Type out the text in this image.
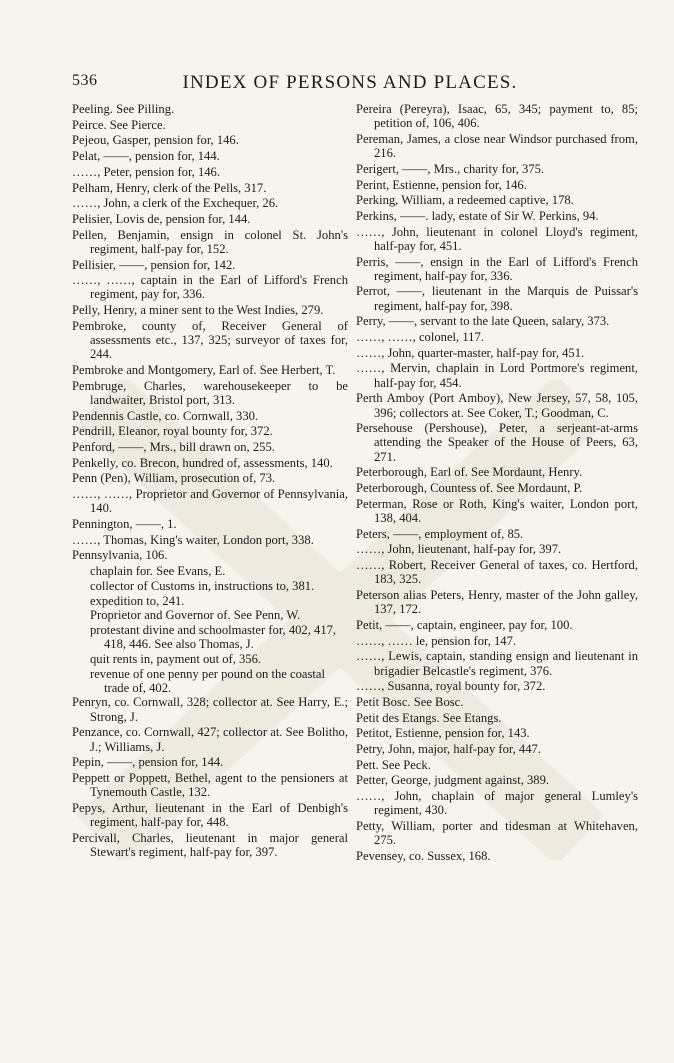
536	INDEX OF PERSONS AND PLACES.

Peeling. See Pilling.

Peirce. See Pierce.

Pejeou, Gasper, pension for, 146.

Pelat, ——, pension for, 144.

……, Peter, pension for, 146.

Pelham, Henry, clerk of the Pells, 317.

……, John, a clerk of the Exchequer, 26.

Pelisier, Lovis de, pension for, 144.

Pellen, Benjamin, ensign in colonel St. John's regiment, half-pay for, 152.

Pellisier, ——, pension for, 142.

……, ……, captain in the Earl of Lifford's French regiment, pay for, 336.

Pelly, Henry, a miner sent to the West Indies, 279.

Pembroke, county of, Receiver General of assessments etc., 137, 325; surveyor of taxes for, 244.

Pembroke and Montgomery, Earl of. See Herbert, T.

Pembruge, Charles, warehousekeeper to be landwaiter, Bristol port, 313.

Pendennis Castle, co. Cornwall, 330.

Pendrill, Eleanor, royal bounty for, 372.

Penford, ——, Mrs., bill drawn on, 255.

Penkelly, co. Brecon, hundred of, assessments, 140.

Penn (Pen), William, prosecution of, 73.

……, ……, Proprietor and Governor of Pennsylvania, 140.

Pennington, ——, 1.

……, Thomas, King's waiter, London port, 338.

Pennsylvania, 106.

chaplain for. See Evans, E.

collector of Customs in, instructions to, 381.

expedition to, 241.

Proprietor and Governor of. See Penn, W.

protestant divine and schoolmaster for, 402, 417, 418, 446. See also Thomas, J.

quit rents in, payment out of, 356.

revenue of one penny per pound on the coastal trade of, 402.

Penryn, co. Cornwall, 328; collector at. See Harry, E.; Strong, J.

Penzance, co. Cornwall, 427; collector at. See Bolitho, J.; Williams, J.

Pepin, ——, pension for, 144.

Peppett or Poppett, Bethel, agent to the pensioners at Tynemouth Castle, 132.

Pepys, Arthur, lieutenant in the Earl of Denbigh's regiment, half-pay for, 448.

Percivall, Charles, lieutenant in major general Stewart's regiment, half-pay for, 397.

Pereira (Pereyra), Isaac, 65, 345; payment to, 85; petition of, 106, 406.

Pereman, James, a close near Windsor purchased from, 216.

Perigert, ——, Mrs., charity for, 375.

Perint, Estienne, pension for, 146.

Perking, William, a redeemed captive, 178.

Perkins, ——. lady, estate of Sir W. Perkins, 94.

……, John, lieutenant in colonel Lloyd's regiment, half-pay for, 451.

Perris, ——, ensign in the Earl of Lifford's French regiment, half-pay for, 336.

Perrot, ——, lieutenant in the Marquis de Puissar's regiment, half-pay for, 398.

Perry, ——, servant to the late Queen, salary, 373.

……, ……, colonel, 117.

……, John, quarter-master, half-pay for, 451.

……, Mervin, chaplain in Lord Portmore's regiment, half-pay for, 454.

Perth Amboy (Port Amboy), New Jersey, 57, 58, 105, 396; collectors at. See Coker, T.; Goodman, C.

Persehouse (Pershouse), Peter, a serjeant-at-arms attending the Speaker of the House of Peers, 63, 271.

Peterborough, Earl of. See Mordaunt, Henry.

Peterborough, Countess of. See Mordaunt, P.

Peterman, Rose or Roth, King's waiter, London port, 138, 404.

Peters, ——, employment of, 85.

……, John, lieutenant, half-pay for, 397.

……, Robert, Receiver General of taxes, co. Hertford, 183, 325.

Peterson alias Peters, Henry, master of the John galley, 137, 172.

Petit, ——, captain, engineer, pay for, 100.

……, …… le, pension for, 147.

……, Lewis, captain, standing ensign and lieutenant in brigadier Belcastle's regiment, 376.

……, Susanna, royal bounty for, 372.

Petit Bosc. See Bosc.

Petit des Etangs. See Etangs.

Petitot, Estienne, pension for, 143.

Petry, John, major, half-pay for, 447.

Pett. See Peck.

Petter, George, judgment against, 389.

……, John, chaplain of major general Lumley's regiment, 430.

Petty, William, porter and tidesman at Whitehaven, 275.

Pevensey, co. Sussex, 168.
